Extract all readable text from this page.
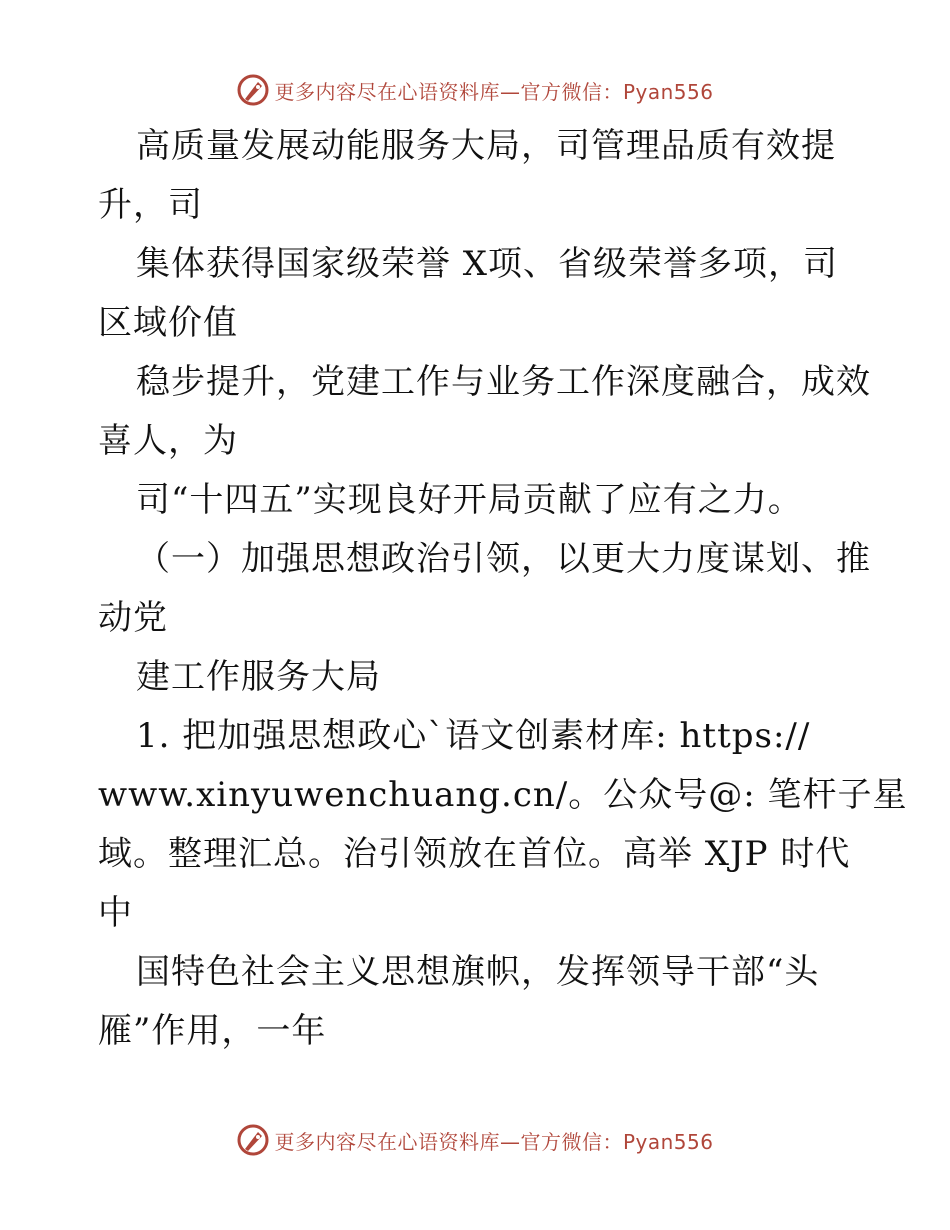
更多内容尽在心语资料库—官方微信：Pyan556
高质量发展动能服务大局，司管理品质有效提
升，司
集体获得国家级荣誉 X项、省级荣誉多项，司
区域价值
稳步提升，党建工作与业务工作深度融合，成效
喜人，为
司“十四五”实现良好开局贡献了应有之力。
（一）加强思想政治引领，以更大力度谋划、推
动党
建工作服务大局
1. 把加强思想政心`语文创素材库: https://
www.xinyuwenchuang.cn/。公众号@: 笔杆子星
域。整理汇总。治引领放在首位。高举 XJP 时代
中
国特色社会主义思想旗帜，发挥领导干部“头
雁”作用，一年
更多内容尽在心语资料库—官方微信：Pyan556
